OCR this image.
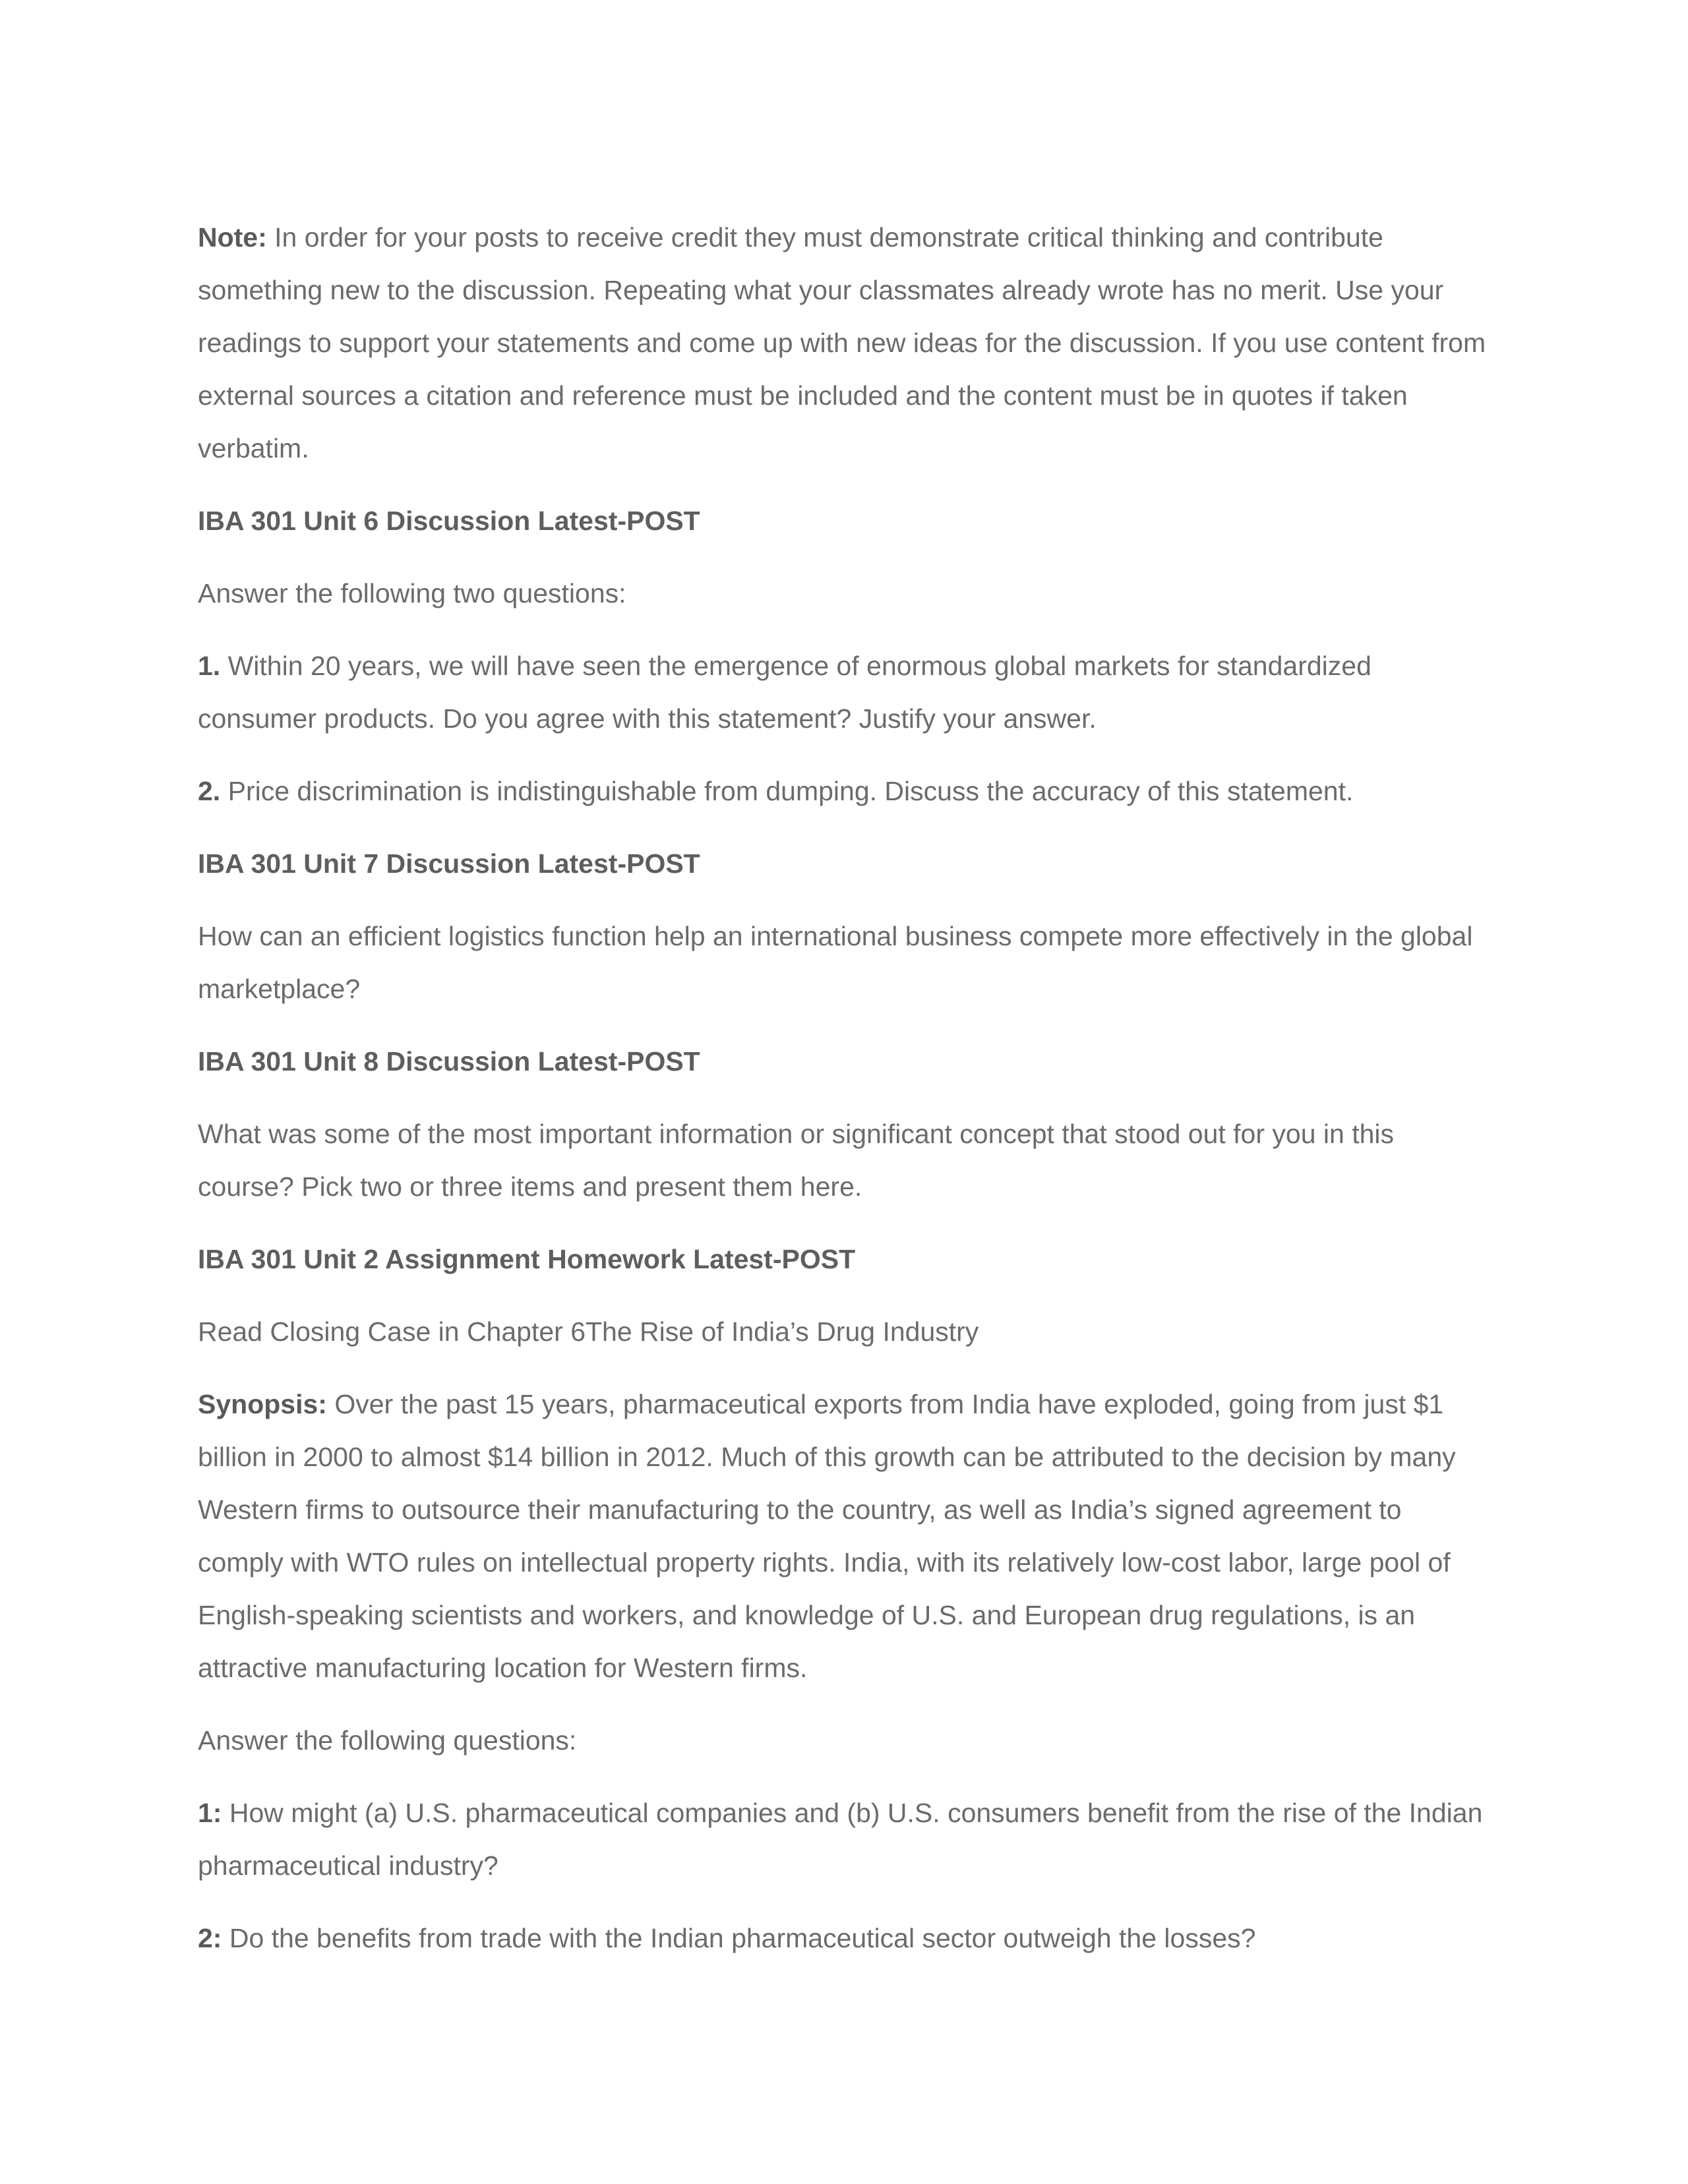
Note: In order for your posts to receive credit they must demonstrate critical thinking and contribute something new to the discussion. Repeating what your classmates already wrote has no merit. Use your readings to support your statements and come up with new ideas for the discussion. If you use content from external sources a citation and reference must be included and the content must be in quotes if taken verbatim.

IBA 301 Unit 6 Discussion Latest-POST

Answer the following two questions:

1. Within 20 years, we will have seen the emergence of enormous global markets for standardized consumer products. Do you agree with this statement? Justify your answer.

2. Price discrimination is indistinguishable from dumping. Discuss the accuracy of this statement.

IBA 301 Unit 7 Discussion Latest-POST

How can an efficient logistics function help an international business compete more effectively in the global marketplace?

IBA 301 Unit 8 Discussion Latest-POST

What was some of the most important information or significant concept that stood out for you in this course? Pick two or three items and present them here.

IBA 301 Unit 2 Assignment Homework Latest-POST

Read Closing Case in Chapter 6The Rise of India’s Drug Industry

Synopsis: Over the past 15 years, pharmaceutical exports from India have exploded, going from just $1 billion in 2000 to almost $14 billion in 2012. Much of this growth can be attributed to the decision by many Western firms to outsource their manufacturing to the country, as well as India’s signed agreement to comply with WTO rules on intellectual property rights. India, with its relatively low-cost labor, large pool of English-speaking scientists and workers, and knowledge of U.S. and European drug regulations, is an attractive manufacturing location for Western firms.

Answer the following questions:

1: How might (a) U.S. pharmaceutical companies and (b) U.S. consumers benefit from the rise of the Indian pharmaceutical industry?

2: Do the benefits from trade with the Indian pharmaceutical sector outweigh the losses?
